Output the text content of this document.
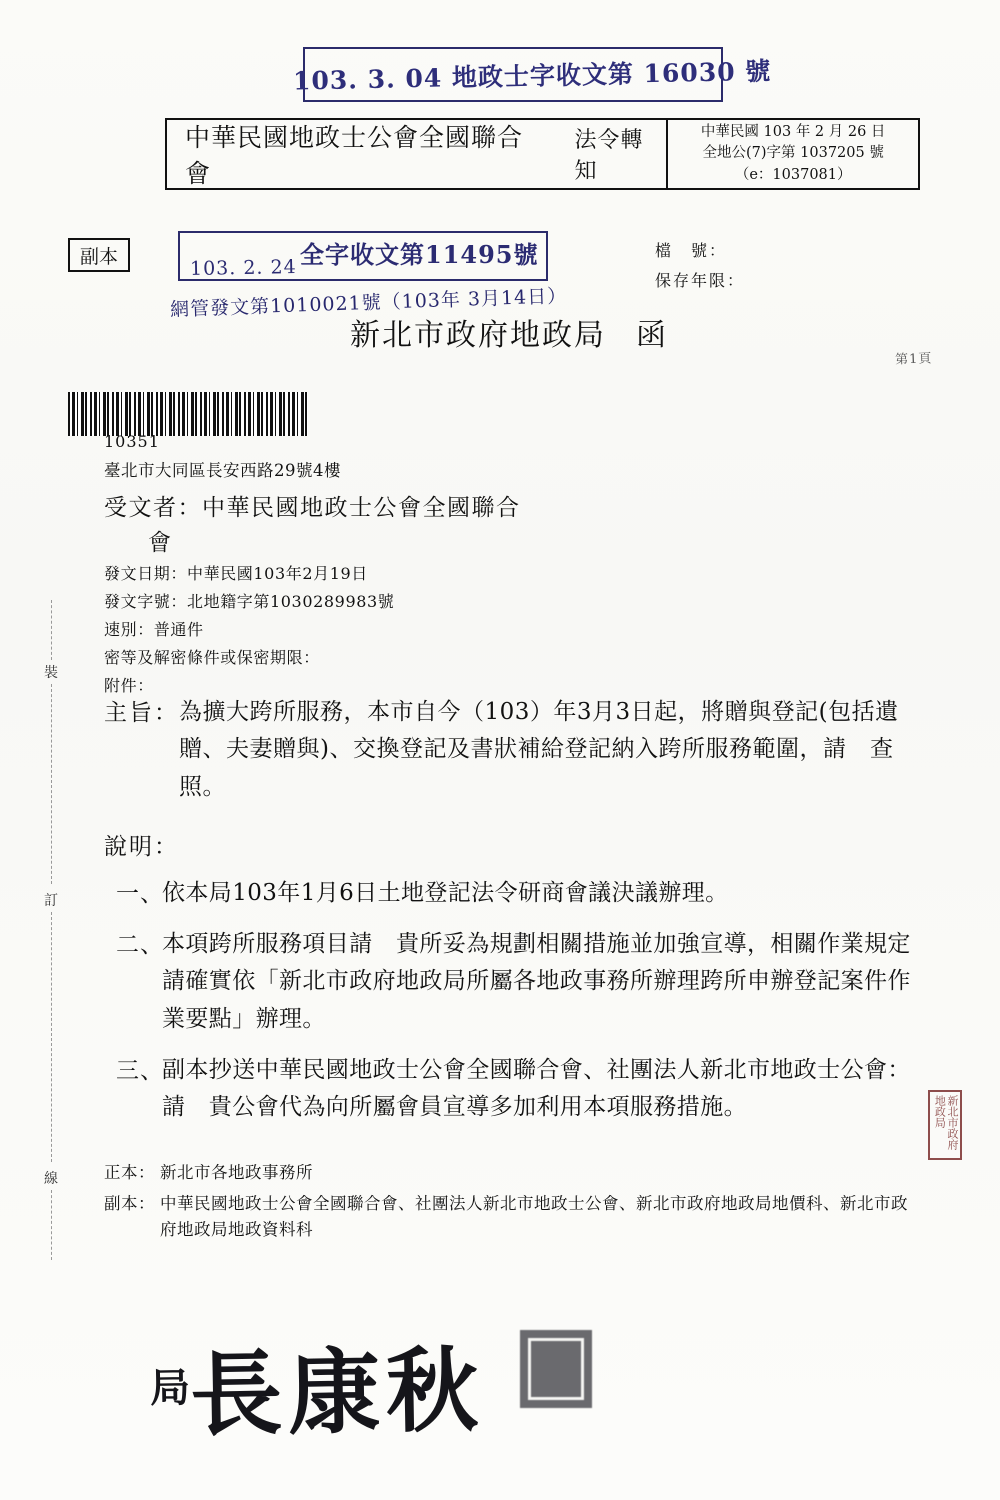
103. 3. 04 地政士字收文第 16030 號
中華民國地政士公會全國聯合會
法令轉知
中華民國 103 年 2 月 26 日
全地公(7)字第 1037205 號
（e：1037081）
副本	全字收文第11495號
103. 2. 24
檔　號：
保存年限：
網管發文第1010021號（103年 3月14日）
新北市政府地政局 函
第1頁
10351
臺北市大同區長安西路29號4樓
受文者：中華民國地政士公會全國聯合
會
發文日期：中華民國103年2月19日
發文字號：北地籍字第1030289983號
速別：普通件
密等及解密條件或保密期限：
附件：
主旨： 為擴大跨所服務，本市自今（103）年3月3日起，將贈與登記(包括遺贈、夫妻贈與)、交換登記及書狀補給登記納入跨所服務範圍，請　查照。
說明：
一、
依本局103年1月6日土地登記法令研商會議決議辦理。
二、
本項跨所服務項目請　貴所妥為規劃相關措施並加強宣導，相關作業規定請確實依「新北市政府地政局所屬各地政事務所辦理跨所申辦登記案件作業要點」辦理。
三、
副本抄送中華民國地政士公會全國聯合會、社團法人新北市地政士公會：請　貴公會代為向所屬會員宣導多加利用本項服務措施。
正本： 新北市各地政事務所
副本： 中華民國地政士公會全國聯合會、社團法人新北市地政士公會、新北市政府地政局地價科、新北市政府地政局地政資料科
裝
訂
線
新北市政府地政局
$^局$長康秋
